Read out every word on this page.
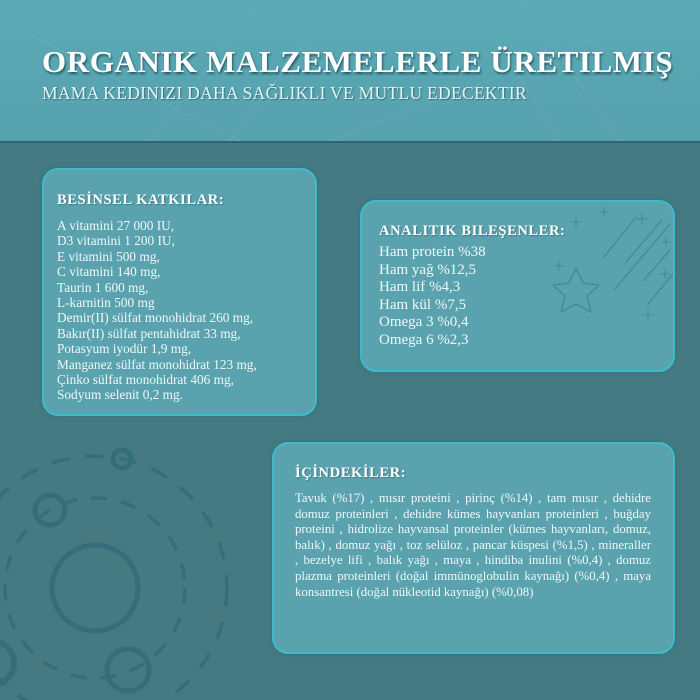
ORGANIK MALZEMELERLE ÜRETILMIŞ
MAMA KEDINIZI DAHA SAĞLIKLI VE MUTLU EDECEKTIR
BESİNSEL KATKILAR:
A vitamini 27 000 IU,
D3 vitamini 1 200 IU,
E vitamini 500 mg,
C vitamini 140 mg,
Taurin 1 600 mg,
L-karnitin 500 mg
Demir(II) sülfat monohidrat 260 mg,
Bakır(II) sülfat pentahidrat 33 mg,
Potasyum iyodür 1,9 mg,
Manganez sülfat monohidrat 123 mg,
Çinko sülfat monohidrat 406 mg,
Sodyum selenit 0,2 mg.
ANALITIK BILEŞENLER:
Ham protein %38
Ham yağ %12,5
Ham lif %4,3
Ham kül %7,5
Omega 3 %0,4
Omega 6 %2,3
İÇİNDEKİLER:

Tavuk (%17) , mısır proteini , pirinç (%14) , tam mısır , dehidre domuz proteinleri , dehidre kümes hayvanları proteinleri , buğday proteini , hidrolize hayvansal proteinler (kümes hayvanları, domuz, balık) , domuz yağı , toz selüloz , pancar küspesi (%1,5) , mineraller , bezelye lifi , balık yağı , maya , hindiba inulini (%0,4) , domuz plazma proteinleri (doğal immünoglobulin kaynağı) (%0,4) , maya konsantresi (doğal nükleotid kaynağı) (%0,08)
